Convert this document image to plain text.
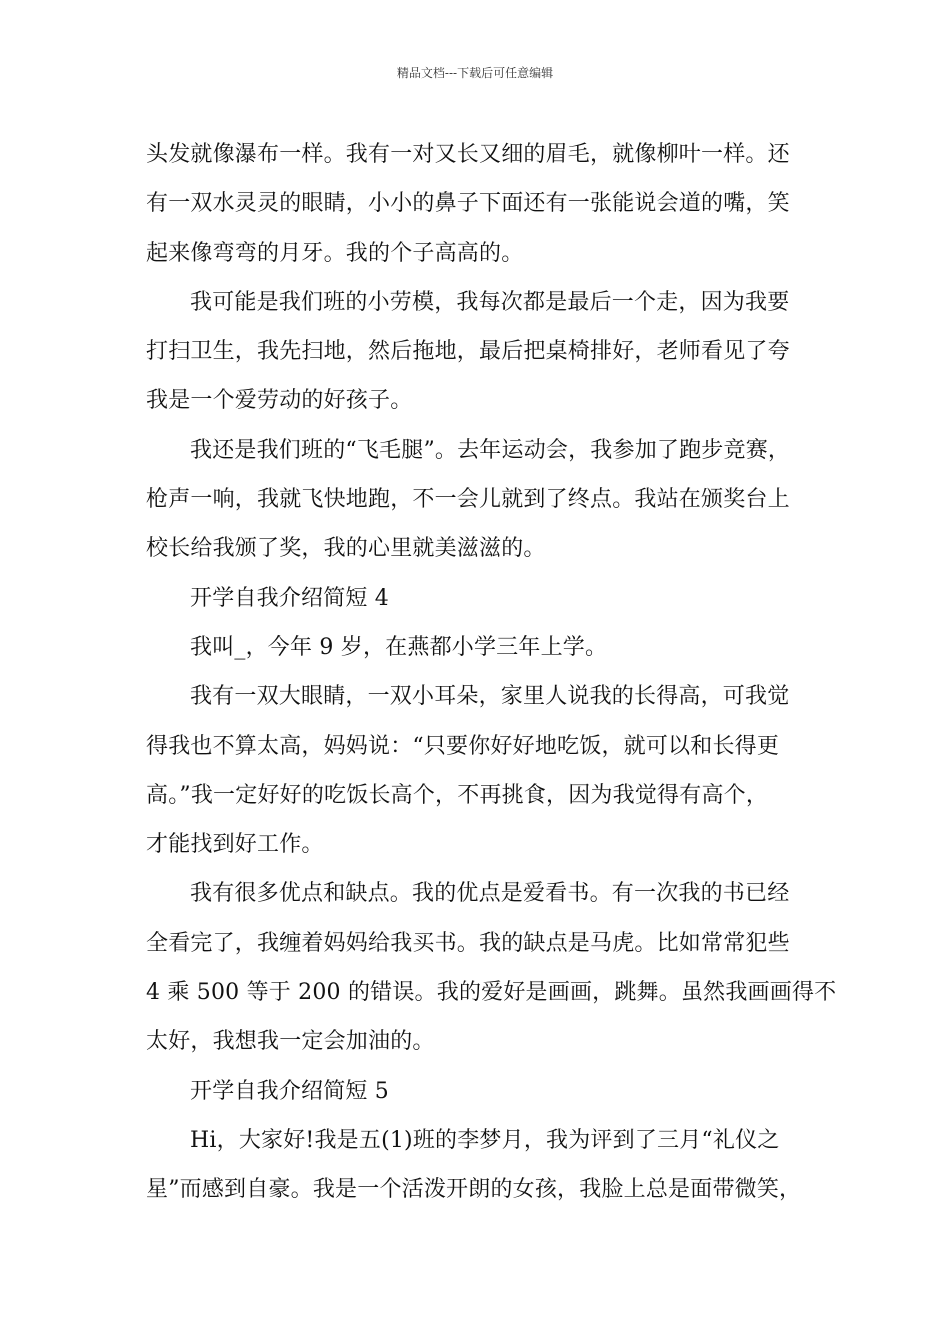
精品文档---下载后可任意编辑
头发就像瀑布一样。我有一对又长又细的眉毛，就像柳叶一样。还
有一双水灵灵的眼睛，小小的鼻子下面还有一张能说会道的嘴，笑
起来像弯弯的月牙。我的个子高高的。
我可能是我们班的小劳模，我每次都是最后一个走，因为我要
打扫卫生，我先扫地，然后拖地，最后把桌椅排好，老师看见了夸
我是一个爱劳动的好孩子。
我还是我们班的“飞毛腿”。去年运动会，我参加了跑步竞赛，
枪声一响，我就飞快地跑，不一会儿就到了终点。我站在颁奖台上
校长给我颁了奖，我的心里就美滋滋的。
开学自我介绍简短 4
我叫_，今年 9 岁，在燕都小学三年上学。
我有一双大眼睛，一双小耳朵，家里人说我的长得高，可我觉
得我也不算太高，妈妈说：“只要你好好地吃饭，就可以和长得更
高。”我一定好好的吃饭长高个，不再挑食，因为我觉得有高个，
才能找到好工作。
我有很多优点和缺点。我的优点是爱看书。有一次我的书已经
全看完了，我缠着妈妈给我买书。我的缺点是马虎。比如常常犯些
4 乘 500 等于 200 的错误。我的爱好是画画，跳舞。虽然我画画得不
太好，我想我一定会加油的。
开学自我介绍简短 5
Hi，大家好!我是五(1)班的李梦月，我为评到了三月“礼仪之
星”而感到自豪。我是一个活泼开朗的女孩，我脸上总是面带微笑，
